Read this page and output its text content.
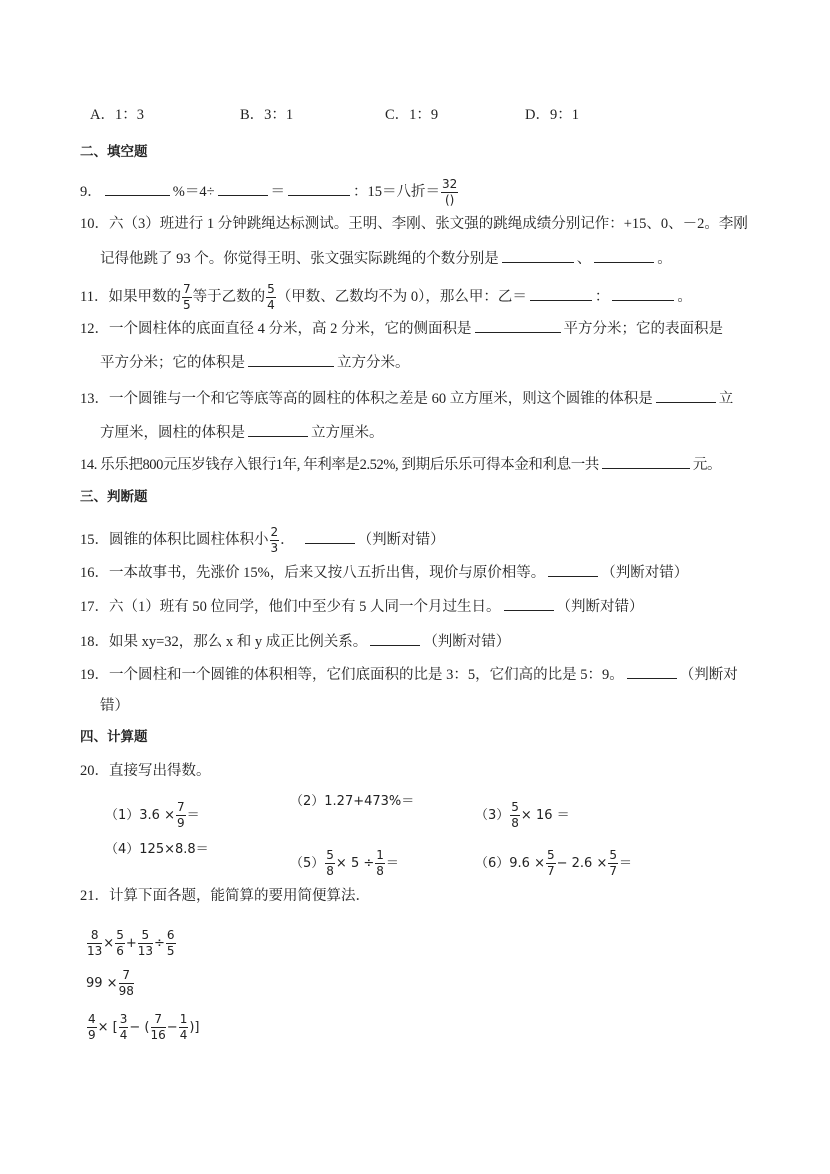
A．1：3	B．3：1	C．1：9	D．9：1
二、填空题
9．	%＝4÷	＝	：15＝八折＝ $\frac{32}{()}$
10．六（3）班进行 1 分钟跳绳达标测试。王明、李刚、张文强的跳绳成绩分别记作：+15、0、－2。李刚
记得他跳了 93 个。你觉得王明、张文强实际跳绳的个数分别是	、	。
11．如果甲数的 $\frac{7}{5}$ 等于乙数的 $\frac{5}{4}$ （甲数、乙数均不为 0），那么甲：乙＝	：	。
12．一个圆柱体的底面直径 4 分米，高 2 分米，它的侧面积是	平方分米；它的表面积是
平方分米；它的体积是	立方分米。
13．一个圆锥与一个和它等底等高的圆柱的体积之差是 60 立方厘米，则这个圆锥的体积是	立
方厘米，圆柱的体积是	立方厘米。
14. 乐乐把800元压岁钱存入银行1年, 年利率是2.52%, 到期后乐乐可得本金和利息一共	元。
三、判断题
15．圆锥的体积比圆柱体积小 $\frac{2}{3}$ ．	（判断对错）
16．一本故事书，先涨价 15%，后来又按八五折出售，现价与原价相等。	（判断对错）
17．六（1）班有 50 位同学，他们中至少有 5 人同一个月过生日。	（判断对错）
18．如果 xy=32，那么 x 和 y 成正比例关系。	（判断对错）
19．一个圆柱和一个圆锥的体积相等，它们底面积的比是 3：5，它们高的比是 5：9。	（判断对
错）
四、计算题
20．直接写出得数。
$(1)3.6 \times \frac{7}{9}$ ＝
（2）1.27+473%＝
$(3) \frac{5}{8} \times 16$ ＝
（4）125×8.8＝
$(5) \frac{5}{8} \times 5 \div \frac{1}{8}$ ＝	$(6)9.6 \times \frac{5}{7} - 2.6 \times \frac{5}{7}$ ＝
21．计算下面各题，能简算的要用简便算法．
$\frac{8}{13} \times \frac{5}{6} + \frac{5}{13} \div \frac{6}{5}$
$99 \times \frac{7}{98}$
$\frac{4}{9}$ × [ $\frac{3}{4}$ − ( $\frac{7}{16} - \frac{1}{4}$ )]
